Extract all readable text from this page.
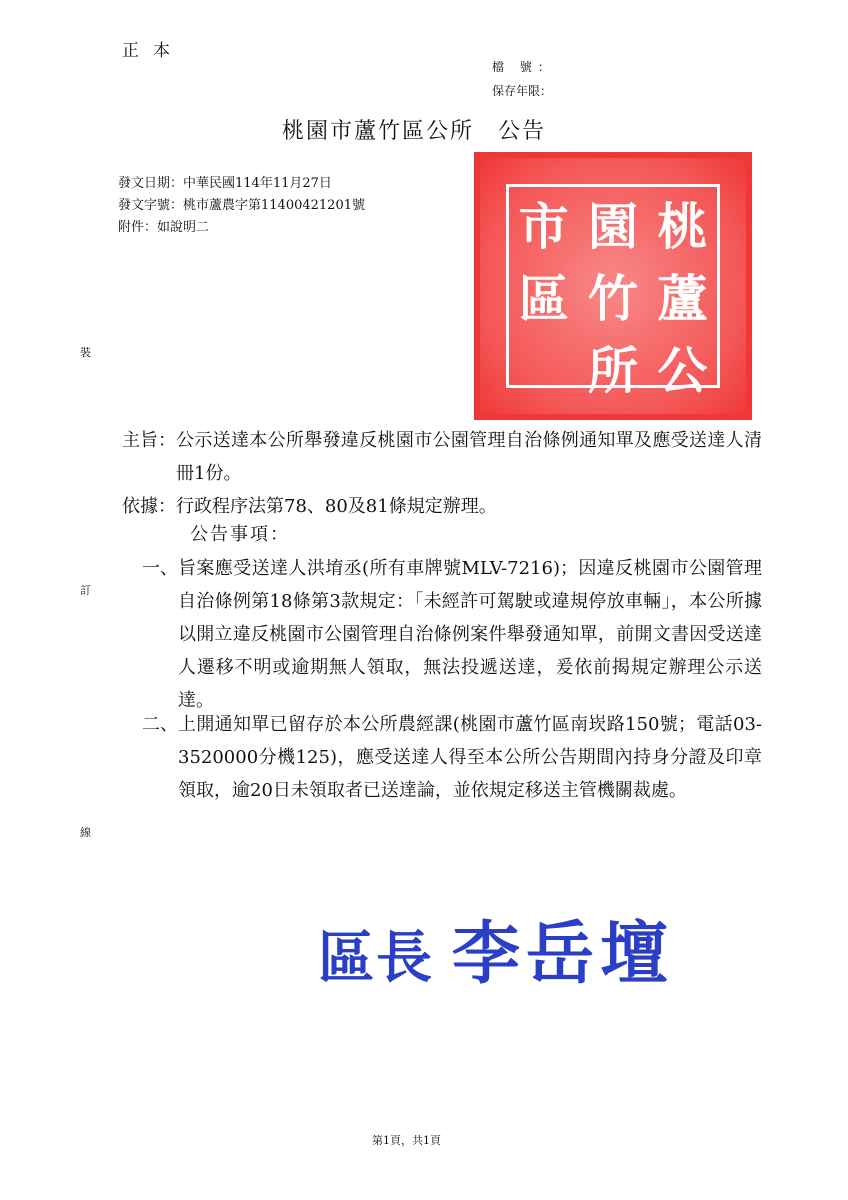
正本
檔 號：
保存年限：
桃園市蘆竹區公所　公告
發文日期：中華民國114年11月27日
發文字號：桃市蘆農字第11400421201號
附件：如說明二
裝
訂
線
市 園 桃
區 竹 蘆
所 公
主旨： 公示送達本公所舉發違反桃園市公園管理自治條例通知單及應受送達人清冊1份。
依據： 行政程序法第78、80及81條規定辦理。
公告事項：
一、 旨案應受送達人洪堉丞(所有車牌號MLV-7216)；因違反桃園市公園管理自治條例第18條第3款規定：「未經許可駕駛或違規停放車輛」，本公所據以開立違反桃園市公園管理自治條例案件舉發通知單，前開文書因受送達人遷移不明或逾期無人領取，無法投遞送達，爰依前揭規定辦理公示送達。
二、 上開通知單已留存於本公所農經課(桃園市蘆竹區南崁路150號；電話03-3520000分機125)，應受送達人得至本公所公告期間內持身分證及印章領取，逾20日未領取者已送達論，並依規定移送主管機關裁處。
區長 李岳壇
第1頁，共1頁
